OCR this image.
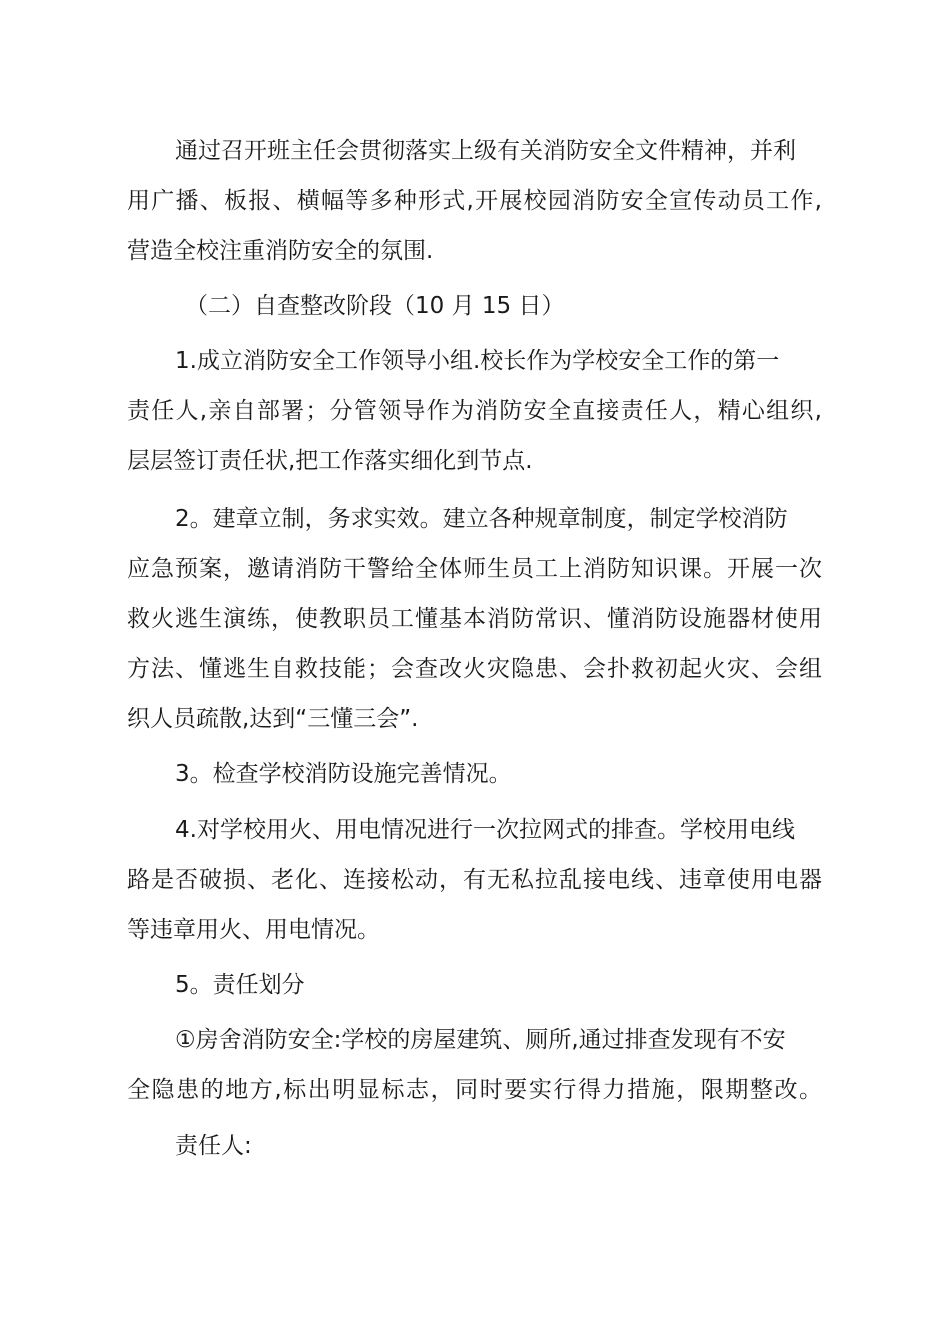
通过召开班主任会贯彻落实上级有关消防安全文件精神，并利
用广播、板报、横幅等多种形式,开展校园消防安全宣传动员工作,
营造全校注重消防安全的氛围.
（二）自查整改阶段（10 月 15 日）
1.成立消防安全工作领导小组.校长作为学校安全工作的第一
责任人,亲自部署；分管领导作为消防安全直接责任人，精心组织,
层层签订责任状,把工作落实细化到节点.
2。建章立制，务求实效。建立各种规章制度，制定学校消防
应急预案，邀请消防干警给全体师生员工上消防知识课。开展一次
救火逃生演练，使教职员工懂基本消防常识、懂消防设施器材使用
方法、懂逃生自救技能；会查改火灾隐患、会扑救初起火灾、会组
织人员疏散,达到“三懂三会”.
3。检查学校消防设施完善情况。
4.对学校用火、用电情况进行一次拉网式的排查。学校用电线
路是否破损、老化、连接松动，有无私拉乱接电线、违章使用电器
等违章用火、用电情况。
5。责任划分
①房舍消防安全:学校的房屋建筑、厕所,通过排查发现有不安
全隐患的地方,标出明显标志，同时要实行得力措施，限期整改。
责任人:
